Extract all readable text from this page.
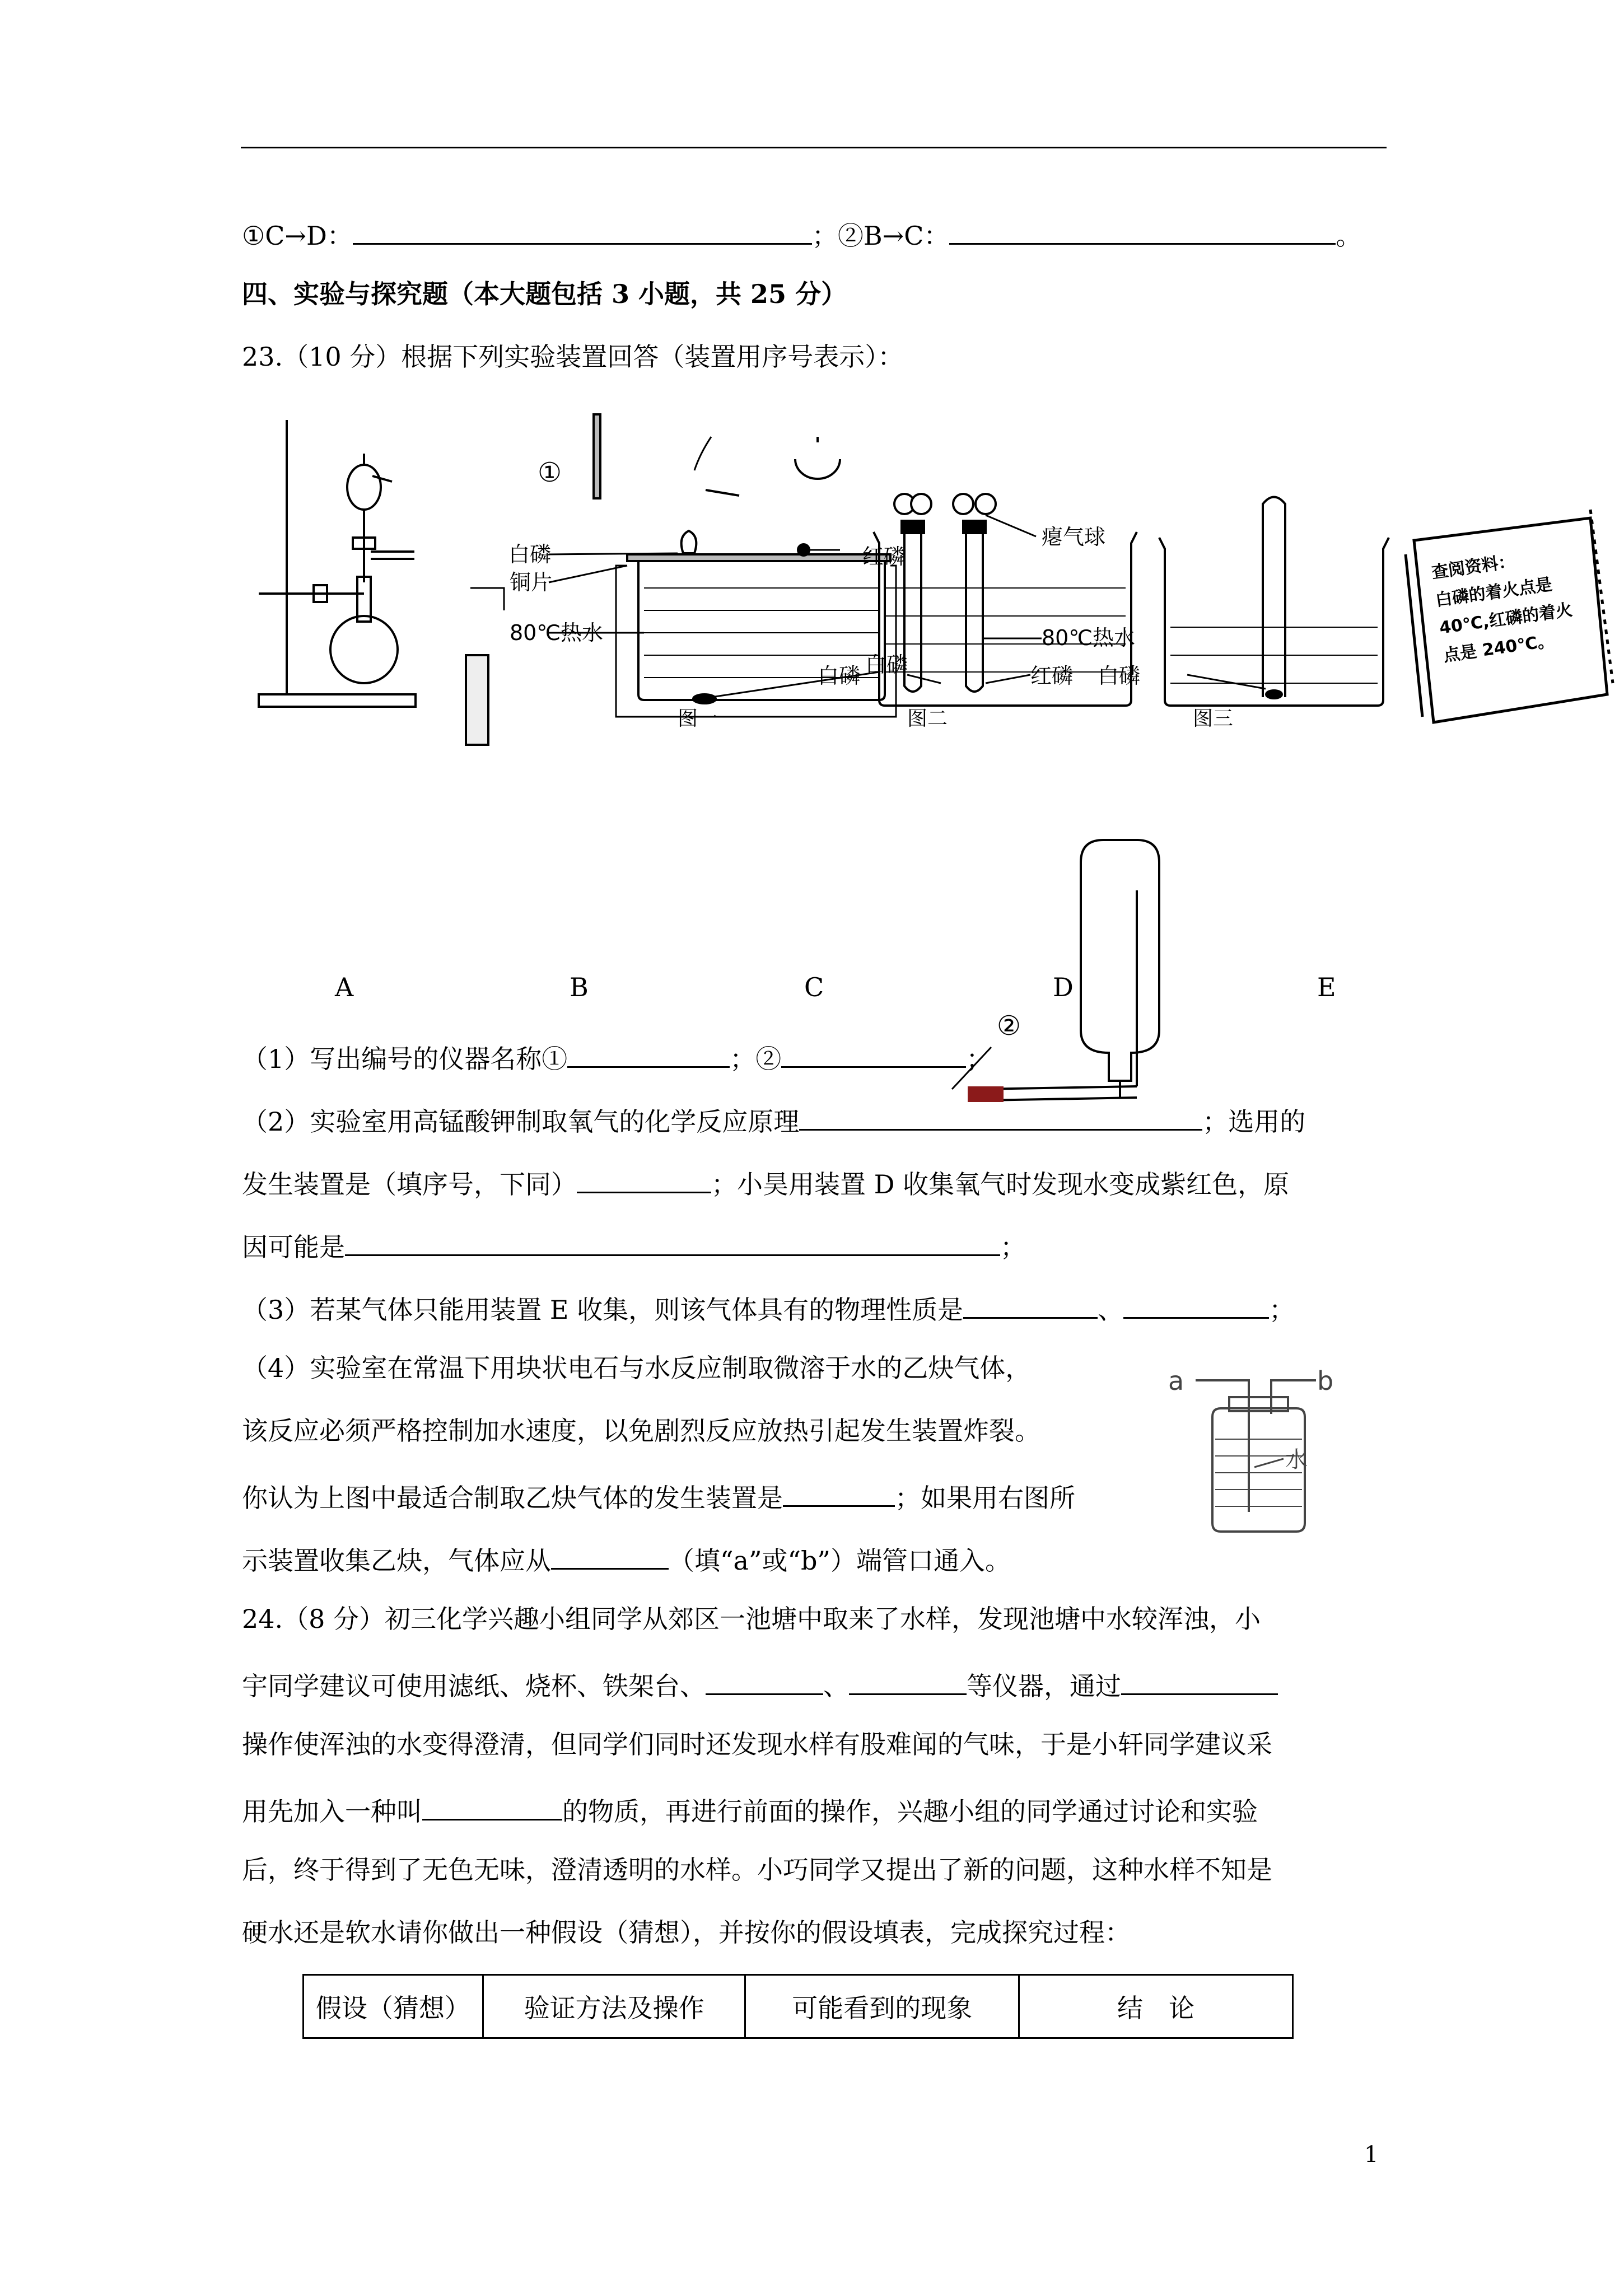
①C→D：	；②B→C：	。
四、实验与探究题（本大题包括 3 小题，共 25 分）
23.（10 分）根据下列实验装置回答（装置用序号表示）：
①
②
白磷	红磷
铜片
80℃热水
白磷
图一
瘪气球
80℃热水
白磷	红磷
图二
白磷
图三
查阅资料：
白磷的着火点是
40℃,红磷的着火
点是 240℃。
A	B	C	D	E
（1）写出编号的仪器名称①	；②	；
（2）实验室用高锰酸钾制取氧气的化学反应原理	；选用的
发生装置是（填序号，下同）	；小昊用装置 D 收集氧气时发现水变成紫红色，原
因可能是	；
（3）若某气体只能用装置 E 收集，则该气体具有的物理性质是	、	；
（4）实验室在常温下用块状电石与水反应制取微溶于水的乙炔气体，
该反应必须严格控制加水速度，以免剧烈反应放热引起发生装置炸裂。
你认为上图中最适合制取乙炔气体的发生装置是	；如果用右图所
示装置收集乙炔，气体应从	（填“a”或“b”）端管口通入。
a	b
水
24.（8 分）初三化学兴趣小组同学从郊区一池塘中取来了水样，发现池塘中水较浑浊，小
宇同学建议可使用滤纸、烧杯、铁架台、	、	等仪器，通过
操作使浑浊的水变得澄清，但同学们同时还发现水样有股难闻的气味，于是小轩同学建议采
用先加入一种叫	的物质，再进行前面的操作，兴趣小组的同学通过讨论和实验
后，终于得到了无色无味，澄清透明的水样。小巧同学又提出了新的问题，这种水样不知是
硬水还是软水请你做出一种假设（猜想），并按你的假设填表，完成探究过程：
假设（猜想）	验证方法及操作	可能看到的现象	结　论
1
